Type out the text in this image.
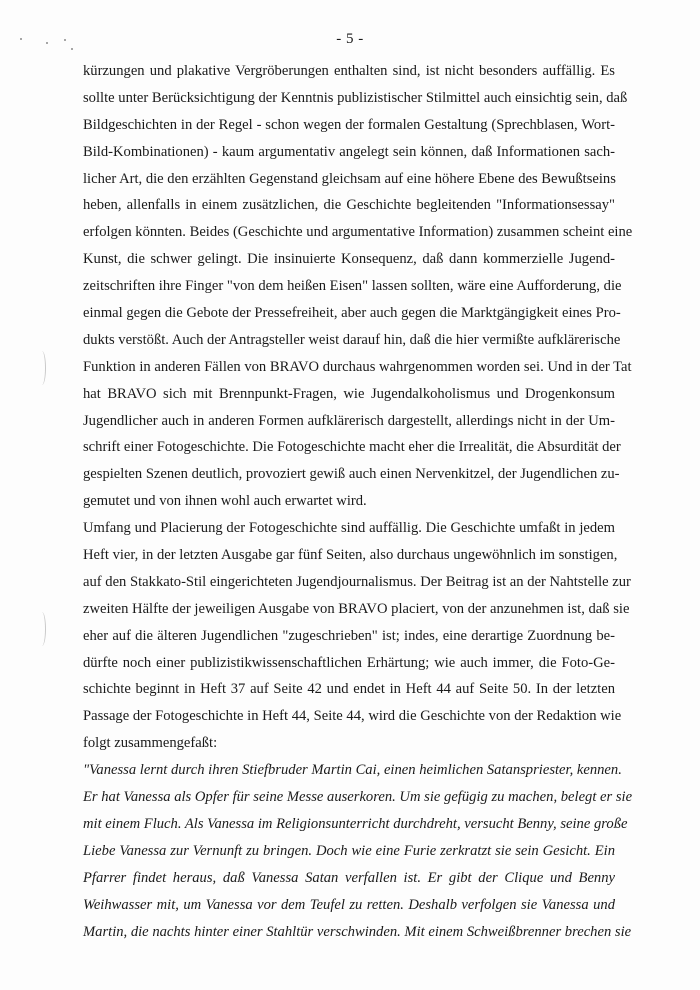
- 5 -
kürzungen und plakative Vergröberungen enthalten sind, ist nicht besonders auffällig. Es
sollte unter Berücksichtigung der Kenntnis publizistischer Stilmittel auch einsichtig sein, daß
Bildgeschichten in der Regel - schon wegen der formalen Gestaltung (Sprechblasen, Wort-
Bild-Kombinationen) - kaum argumentativ angelegt sein können, daß Informationen sach-
licher Art, die den erzählten Gegenstand gleichsam auf eine höhere Ebene des Bewußtseins
heben, allenfalls in einem zusätzlichen, die Geschichte begleitenden "Informationsessay"
erfolgen könnten. Beides (Geschichte und argumentative Information) zusammen scheint eine
Kunst, die schwer gelingt. Die insinuierte Konsequenz, daß dann kommerzielle Jugend-
zeitschriften ihre Finger "von dem heißen Eisen" lassen sollten, wäre eine Aufforderung, die
einmal gegen die Gebote der Pressefreiheit, aber auch gegen die Marktgängigkeit eines Pro-
dukts verstößt. Auch der Antragsteller weist darauf hin, daß die hier vermißte aufklärerische
Funktion in anderen Fällen von BRAVO durchaus wahrgenommen worden sei. Und in der Tat
hat BRAVO sich mit Brennpunkt-Fragen, wie Jugendalkoholismus und Drogenkonsum
Jugendlicher auch in anderen Formen aufklärerisch dargestellt, allerdings nicht in der Um-
schrift einer Fotogeschichte. Die Fotogeschichte macht eher die Irrealität, die Absurdität der
gespielten Szenen deutlich, provoziert gewiß auch einen Nervenkitzel, der Jugendlichen zu-
gemutet und von ihnen wohl auch erwartet wird.
Umfang und Placierung der Fotogeschichte sind auffällig. Die Geschichte umfaßt in jedem
Heft vier, in der letzten Ausgabe gar fünf Seiten, also durchaus ungewöhnlich im sonstigen,
auf den Stakkato-Stil eingerichteten Jugendjournalismus. Der Beitrag ist an der Nahtstelle zur
zweiten Hälfte der jeweiligen Ausgabe von BRAVO placiert, von der anzunehmen ist, daß sie
eher auf die älteren Jugendlichen "zugeschrieben" ist; indes, eine derartige Zuordnung be-
dürfte noch einer publizistikwissenschaftlichen Erhärtung; wie auch immer, die Foto-Ge-
schichte beginnt in Heft 37 auf Seite 42 und endet in Heft 44 auf Seite 50. In der letzten
Passage der Fotogeschichte in Heft 44, Seite 44, wird die Geschichte von der Redaktion wie
folgt zusammengefaßt:
"Vanessa lernt durch ihren Stiefbruder Martin Cai, einen heimlichen Satanspriester, kennen.
Er hat Vanessa als Opfer für seine Messe auserkoren. Um sie gefügig zu machen, belegt er sie
mit einem Fluch. Als Vanessa im Religionsunterricht durchdreht, versucht Benny, seine große
Liebe Vanessa zur Vernunft zu bringen. Doch wie eine Furie zerkratzt sie sein Gesicht. Ein
Pfarrer findet heraus, daß Vanessa Satan verfallen ist. Er gibt der Clique und Benny
Weihwasser mit, um Vanessa vor dem Teufel zu retten. Deshalb verfolgen sie Vanessa und
Martin, die nachts hinter einer Stahltür verschwinden. Mit einem Schweißbrenner brechen sie
